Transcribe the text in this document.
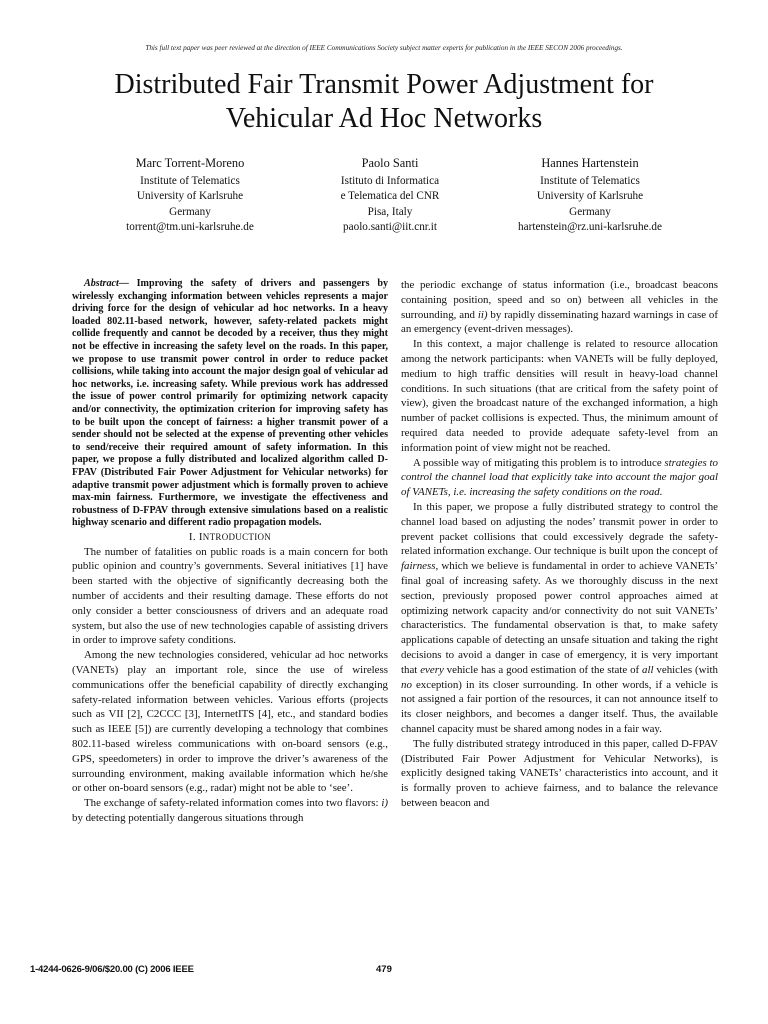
This full text paper was peer reviewed at the direction of IEEE Communications Society subject matter experts for publication in the IEEE SECON 2006 proceedings.
Distributed Fair Transmit Power Adjustment for
Vehicular Ad Hoc Networks
Marc Torrent-Moreno
Institute of Telematics
University of Karlsruhe
Germany
torrent@tm.uni-karlsruhe.de
Paolo Santi
Istituto di Informatica
e Telematica del CNR
Pisa, Italy
paolo.santi@iit.cnr.it
Hannes Hartenstein
Institute of Telematics
University of Karlsruhe
Germany
hartenstein@rz.uni-karlsruhe.de

Abstract— Improving the safety of drivers and passengers by wirelessly exchanging information between vehicles represents a major driving force for the design of vehicular ad hoc networks. In a heavy loaded 802.11-based network, however, safety-related packets might collide frequently and cannot be decoded by a receiver, thus they might not be effective in increasing the safety level on the roads. In this paper, we propose to use transmit power control in order to reduce packet collisions, while taking into account the major design goal of vehicular ad hoc networks, i.e. increasing safety. While previous work has addressed the issue of power control primarily for optimizing network capacity and/or connectivity, the optimization criterion for improving safety has to be built upon the concept of fairness: a higher transmit power of a sender should not be selected at the expense of preventing other vehicles to send/receive their required amount of safety information. In this paper, we propose a fully distributed and localized algorithm called D-FPAV (Distributed Fair Power Adjustment for Vehicular networks) for adaptive transmit power adjustment which is formally proven to achieve max-min fairness. Furthermore, we investigate the effectiveness and robustness of D-FPAV through extensive simulations based on a realistic highway scenario and different radio propagation models.

I. INTRODUCTION

The number of fatalities on public roads is a main concern for both public opinion and country’s governments. Several initiatives [1] have been started with the objective of significantly decreasing both the number of accidents and their resulting damage. These efforts do not only consider a better consciousness of drivers and an adequate road system, but also the use of new technologies capable of assisting drivers in order to improve safety conditions.

Among the new technologies considered, vehicular ad hoc networks (VANETs) play an important role, since the use of wireless communications offer the beneficial capability of directly exchanging safety-related information between vehicles. Various efforts (projects such as VII [2], C2CCC [3], InternetITS [4], etc., and standard bodies such as IEEE [5]) are currently developing a technology that combines 802.11-based wireless communications with on-board sensors (e.g., GPS, speedometers) in order to improve the driver’s awareness of the surrounding environment, making available information which he/she or other on-board sensors (e.g., radar) might not be able to ‘see’.

The exchange of safety-related information comes into two flavors: i) by detecting potentially dangerous situations through

the periodic exchange of status information (i.e., broadcast beacons containing position, speed and so on) between all vehicles in the surrounding, and ii) by rapidly disseminating hazard warnings in case of an emergency (event-driven messages).

In this context, a major challenge is related to resource allocation among the network participants: when VANETs will be fully deployed, medium to high traffic densities will result in heavy-load channel conditions. In such situations (that are critical from the safety point of view), given the broadcast nature of the exchanged information, a high number of packet collisions is expected. Thus, the minimum amount of required data needed to provide adequate safety-level from an information point of view might not be reached.

A possible way of mitigating this problem is to introduce strategies to control the channel load that explicitly take into account the major goal of VANETs, i.e. increasing the safety conditions on the road.

In this paper, we propose a fully distributed strategy to control the channel load based on adjusting the nodes’ transmit power in order to prevent packet collisions that could excessively degrade the safety-related information exchange. Our technique is built upon the concept of fairness, which we believe is fundamental in order to achieve VANETs’ final goal of increasing safety. As we thoroughly discuss in the next section, previously proposed power control approaches aimed at optimizing network capacity and/or connectivity do not suit VANETs’ characteristics. The fundamental observation is that, to make safety applications capable of detecting an unsafe situation and taking the right decisions to avoid a danger in case of emergency, it is very important that every vehicle has a good estimation of the state of all vehicles (with no exception) in its closer surrounding. In other words, if a vehicle is not assigned a fair portion of the resources, it can not announce itself to its closer neighbors, and becomes a danger itself. Thus, the available channel capacity must be shared among nodes in a fair way.

The fully distributed strategy introduced in this paper, called D-FPAV (Distributed Fair Power Adjustment for Vehicular Networks), is explicitly designed taking VANETs’ characteristics into account, and it is formally proven to achieve fairness, and to balance the relevance between beacon and

1-4244-0626-9/06/$20.00 (C) 2006 IEEE	479
